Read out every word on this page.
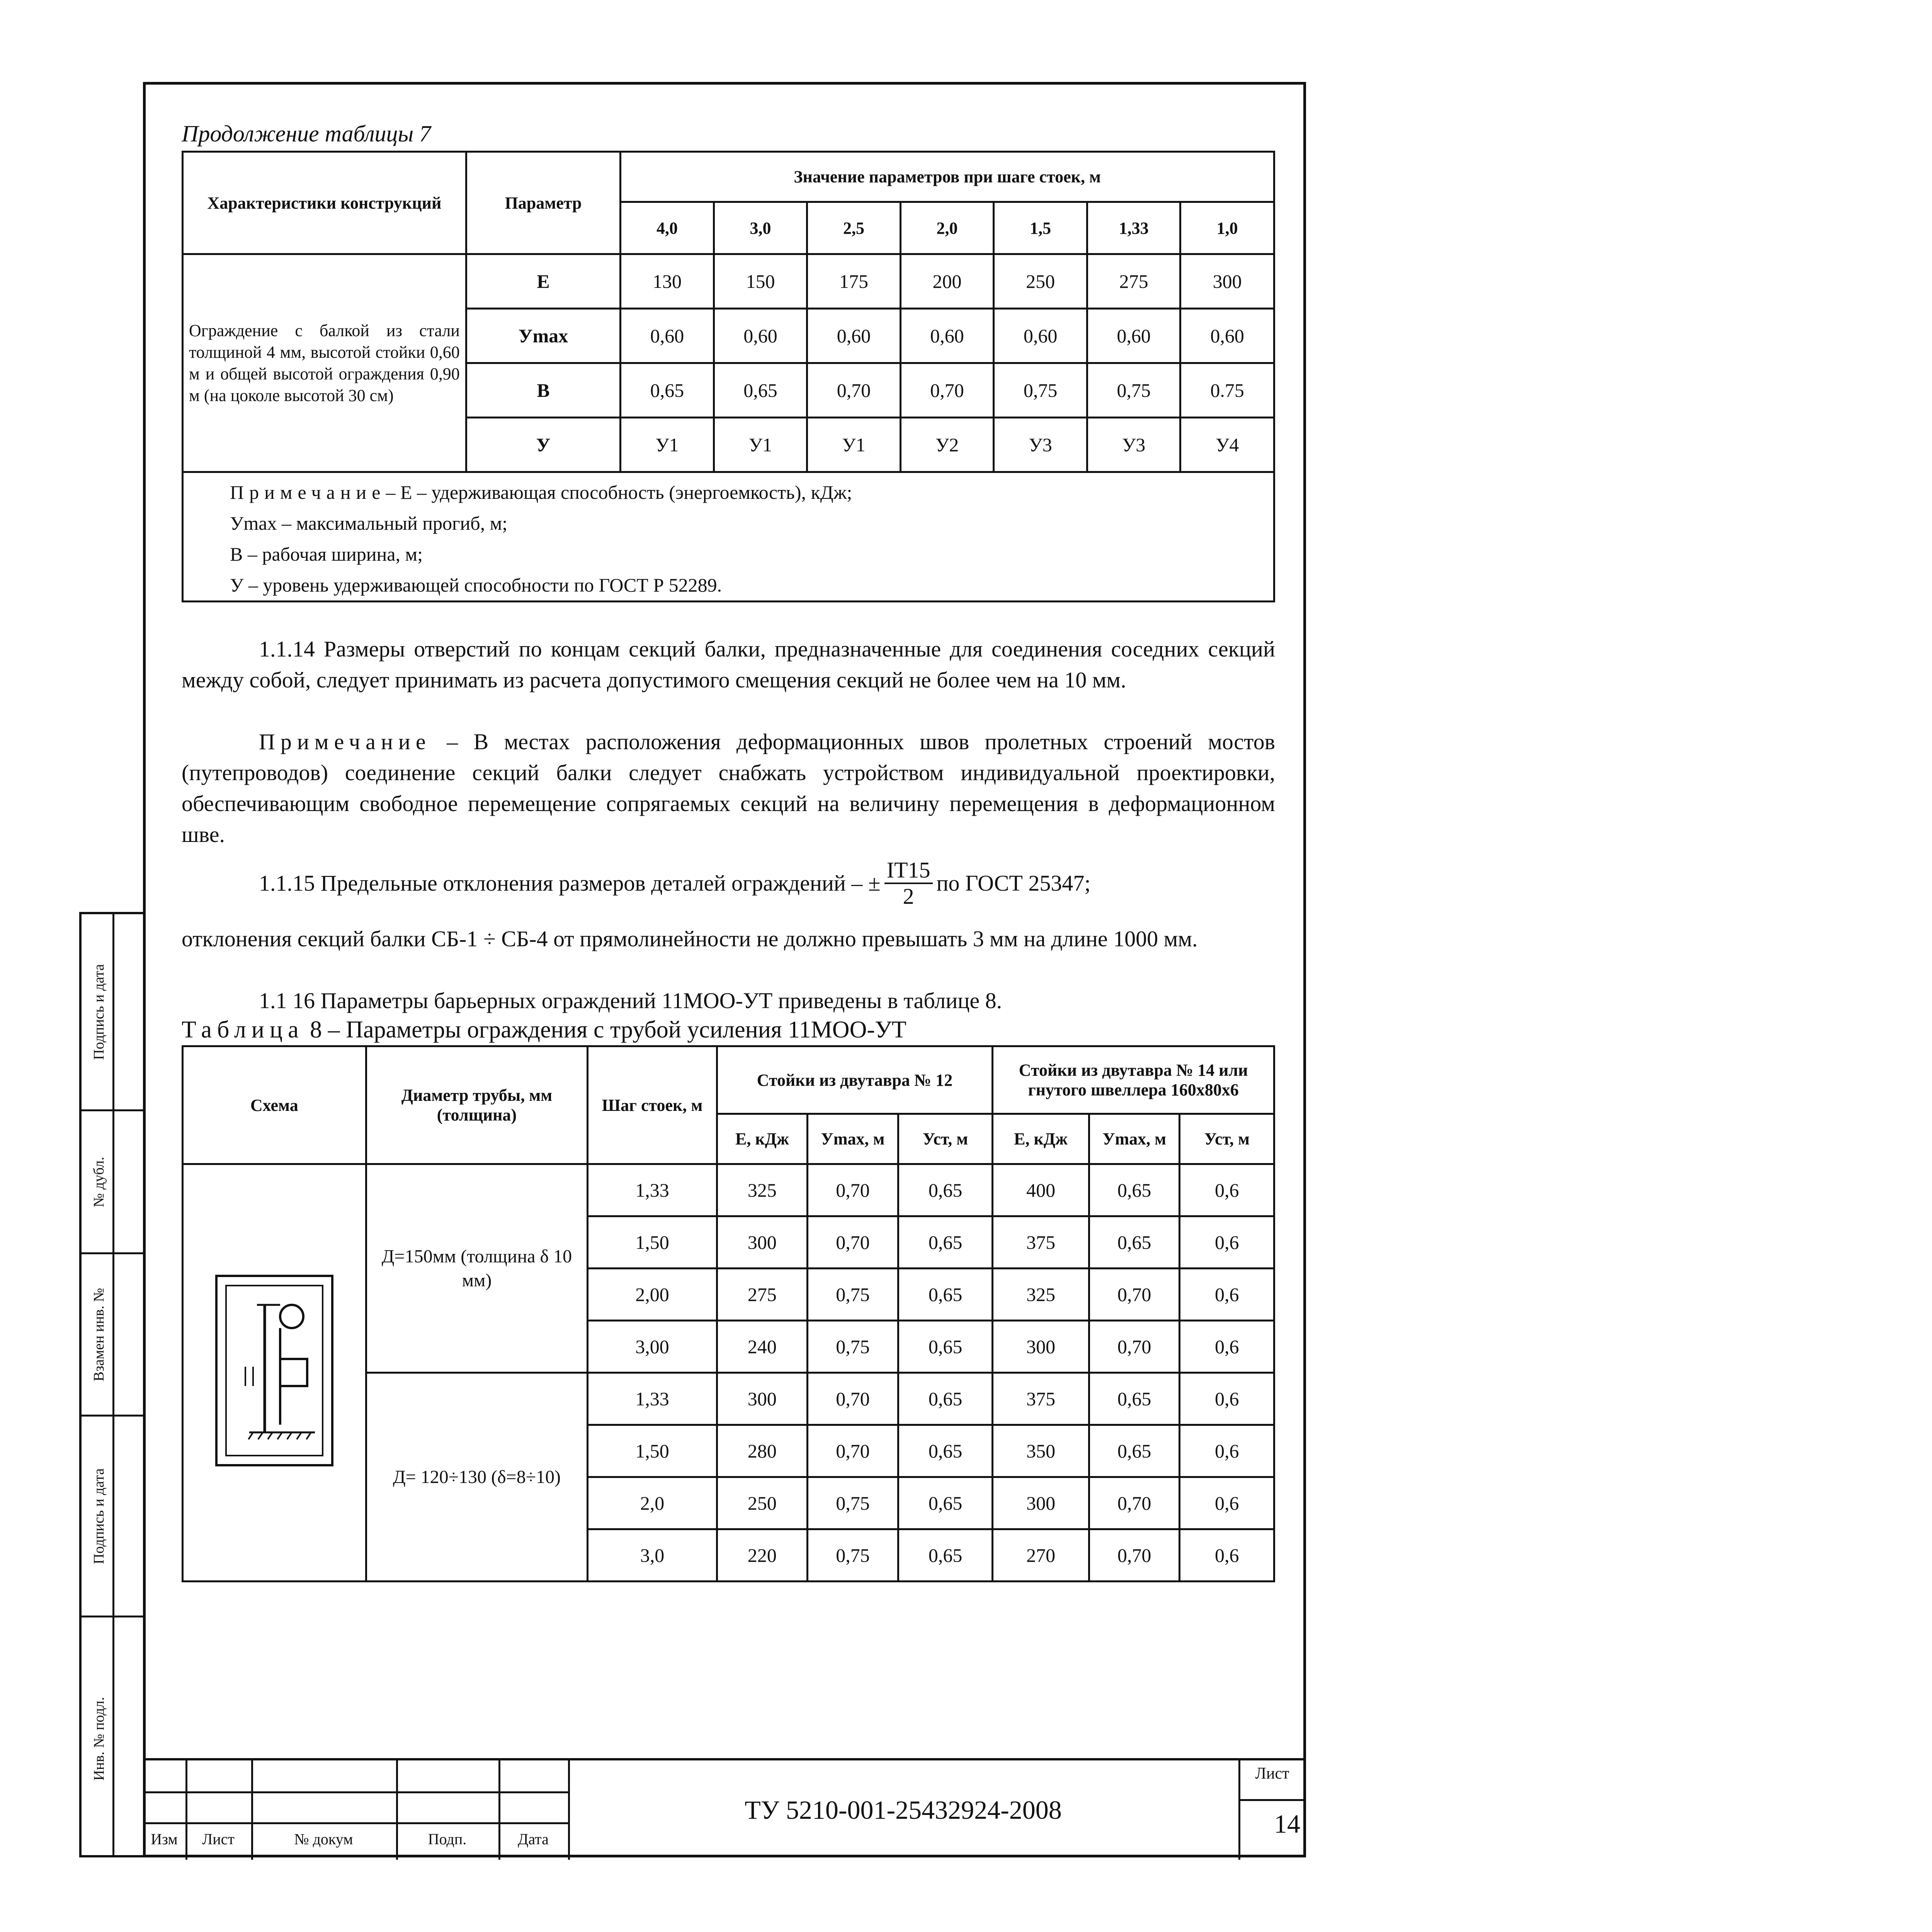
Подпись и дата
№ дубл.
Взамен инв. №
Подпись и дата
Инв. № подл.
Продолжение таблицы 7
Характеристики конструкций	Параметр	Значение параметров при шаге стоек, м						
		4,0	3,0	2,5	2,0	1,5	1,33	1,0
Ограждение с балкой из стали толщиной 4 мм, высотой стойки 0,60 м и общей высотой ограждения 0,90 м (на цоколе высотой 30 см)	Е	130	150	175	200	250	275	300
	Уmax	0,60	0,60	0,60	0,60	0,60	0,60	0,60
	В	0,65	0,65	0,70	0,70	0,75	0,75	0.75
	У	У1	У1	У1	У2	У3	У3	У4

Примечание– Е – удерживающая способность (энергоемкость), кДж;
Уmax – максимальный прогиб, м;
В – рабочая ширина, м;
У – уровень удерживающей способности по ГОСТ Р 52289.								
1.1.14 Размеры отверстий по концам секций балки, предназначенные для соединения соседних секций между собой, следует принимать из расчета допустимого смещения секций не более чем на 10 мм.
Примечание – В местах расположения деформационных швов пролетных строений мостов (путепроводов) соединение секций балки следует снабжать устройством индивидуальной проектировки, обеспечивающим свободное перемещение сопрягаемых секций на величину перемещения в деформационном шве.
1.1.15 Предельные отклонения размеров деталей ограждений – ± $\frac{IT15}{2}$ по ГОСТ 25347;
отклонения секций балки СБ-1 ÷ СБ-4 от прямолинейности не должно превышать 3 мм на длине 1000 мм.
1.1 16 Параметры барьерных ограждений 11МОО-УТ приведены в таблице 8.
Таблица 8 – Параметры ограждения с трубой усиления 11МОО-УТ
Схема	Диаметр трубы, мм (толщина)	Шаг стоек, м	Стойки из двутавра № 12			Стойки из двутавра № 14 или гнутого швеллера 160х80х6		
			Е, кДж	Уmax, м	Уст, м	Е, кДж	Уmax, м	Уст, м
	Д=150мм (толщина δ 10 мм)	1,33	325	0,70	0,65	400	0,65	0,6
		1,50	300	0,70	0,65	375	0,65	0,6
		2,00	275	0,75	0,65	325	0,70	0,6
		3,00	240	0,75	0,65	300	0,70	0,6
	Д= 120÷130 (δ=8÷10)	1,33	300	0,70	0,65	375	0,65	0,6
		1,50	280	0,70	0,65	350	0,65	0,6
		2,0	250	0,75	0,65	300	0,70	0,6
		3,0	220	0,75	0,65	270	0,70	0,6
ТУ 5210-001-25432924-2008
Лист
14
Изм	Лист	№ докум	Подп.	Дата
